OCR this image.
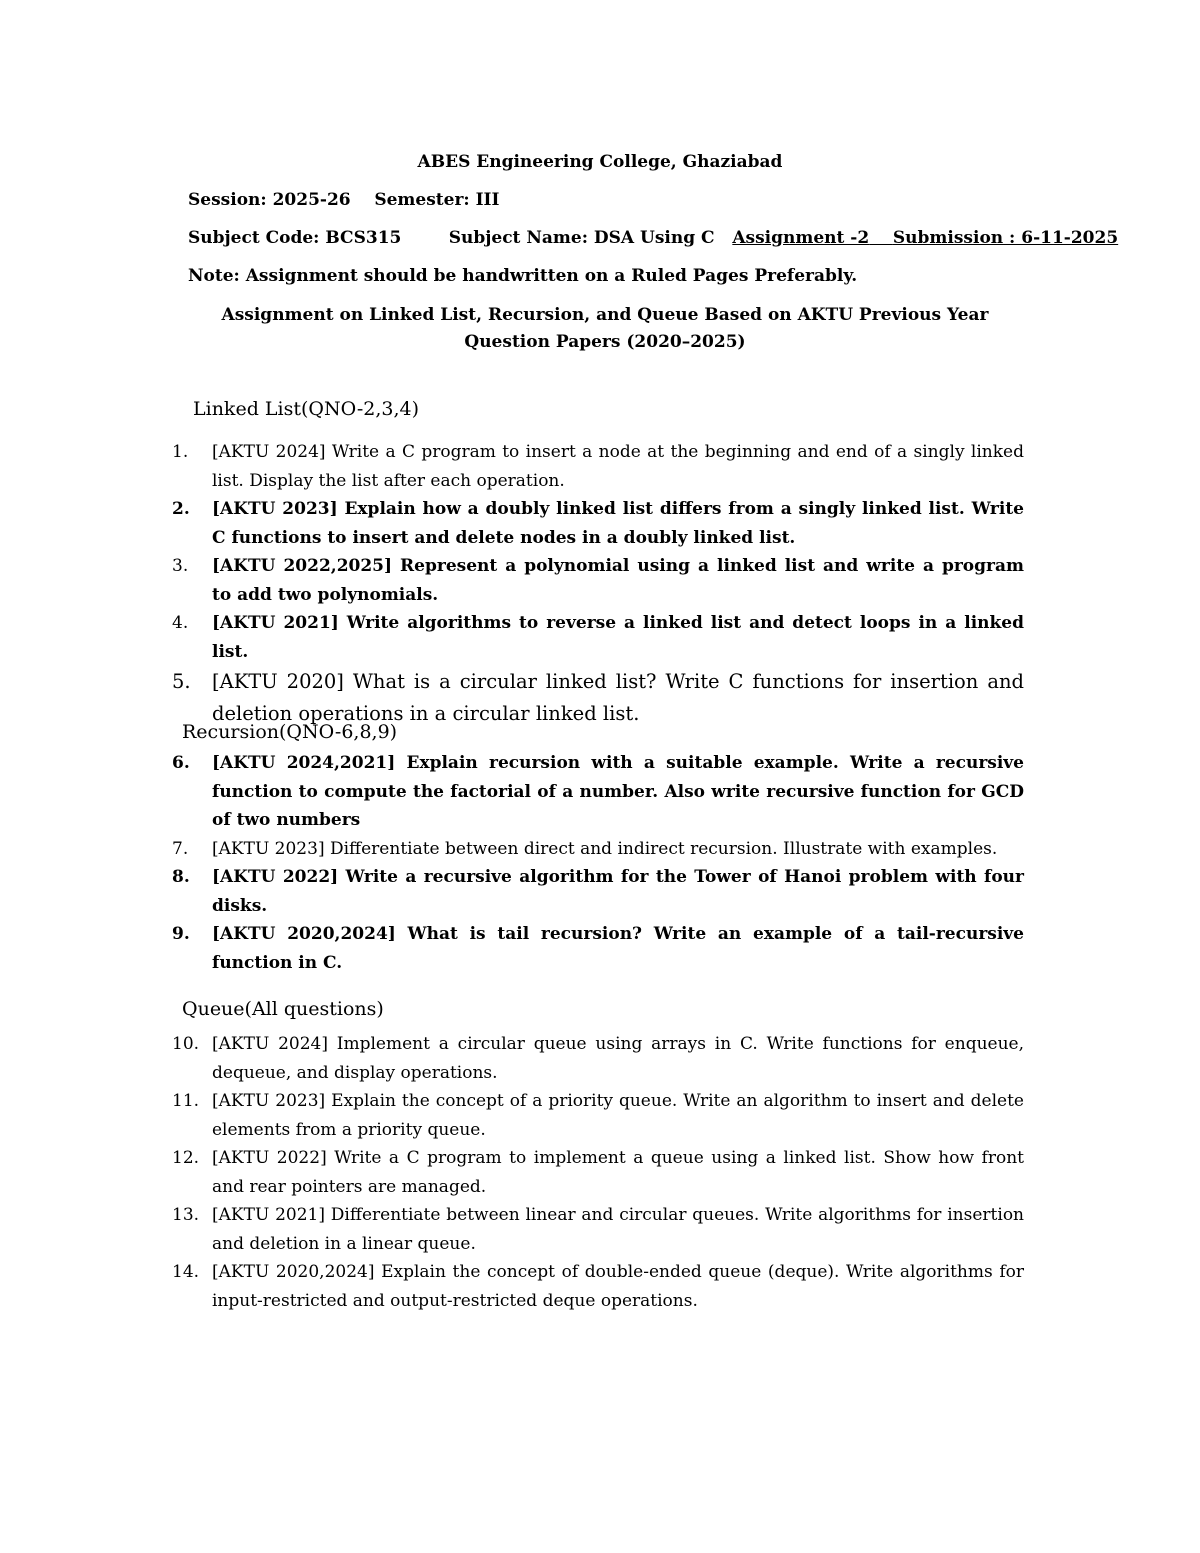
ABES Engineering College, Ghaziabad
Session: 2025-26 Semester: III
Subject Code: BCS315	Subject Name: DSA Using C Assignment -2 Submission : 6-11-2025
Note: Assignment should be handwritten on a Ruled Pages Preferably.
Assignment on Linked List, Recursion, and Queue Based on AKTU Previous Year Question Papers (2020–2025)
Linked List(QNO-2,3,4)
1. [AKTU 2024] Write a C program to insert a node at the beginning and end of a singly linked list. Display the list after each operation.
2. [AKTU 2023] Explain how a doubly linked list differs from a singly linked list. Write C functions to insert and delete nodes in a doubly linked list.
3. [AKTU 2022,2025] Represent a polynomial using a linked list and write a program to add two polynomials.
4. [AKTU 2021] Write algorithms to reverse a linked list and detect loops in a linked list.
5. [AKTU 2020] What is a circular linked list? Write C functions for insertion and deletion operations in a circular linked list.
Recursion(QNO-6,8,9)
6. [AKTU 2024,2021] Explain recursion with a suitable example. Write a recursive function to compute the factorial of a number. Also write recursive function for GCD of two numbers
7. [AKTU 2023] Differentiate between direct and indirect recursion. Illustrate with examples.
8. [AKTU 2022] Write a recursive algorithm for the Tower of Hanoi problem with four disks.
9. [AKTU 2020,2024] What is tail recursion? Write an example of a tail-recursive function in C.
Queue(All questions)
10. [AKTU 2024] Implement a circular queue using arrays in C. Write functions for enqueue, dequeue, and display operations.
11. [AKTU 2023] Explain the concept of a priority queue. Write an algorithm to insert and delete elements from a priority queue.
12. [AKTU 2022] Write a C program to implement a queue using a linked list. Show how front and rear pointers are managed.
13. [AKTU 2021] Differentiate between linear and circular queues. Write algorithms for insertion and deletion in a linear queue.
14. [AKTU 2020,2024] Explain the concept of double-ended queue (deque). Write algorithms for input-restricted and output-restricted deque operations.
